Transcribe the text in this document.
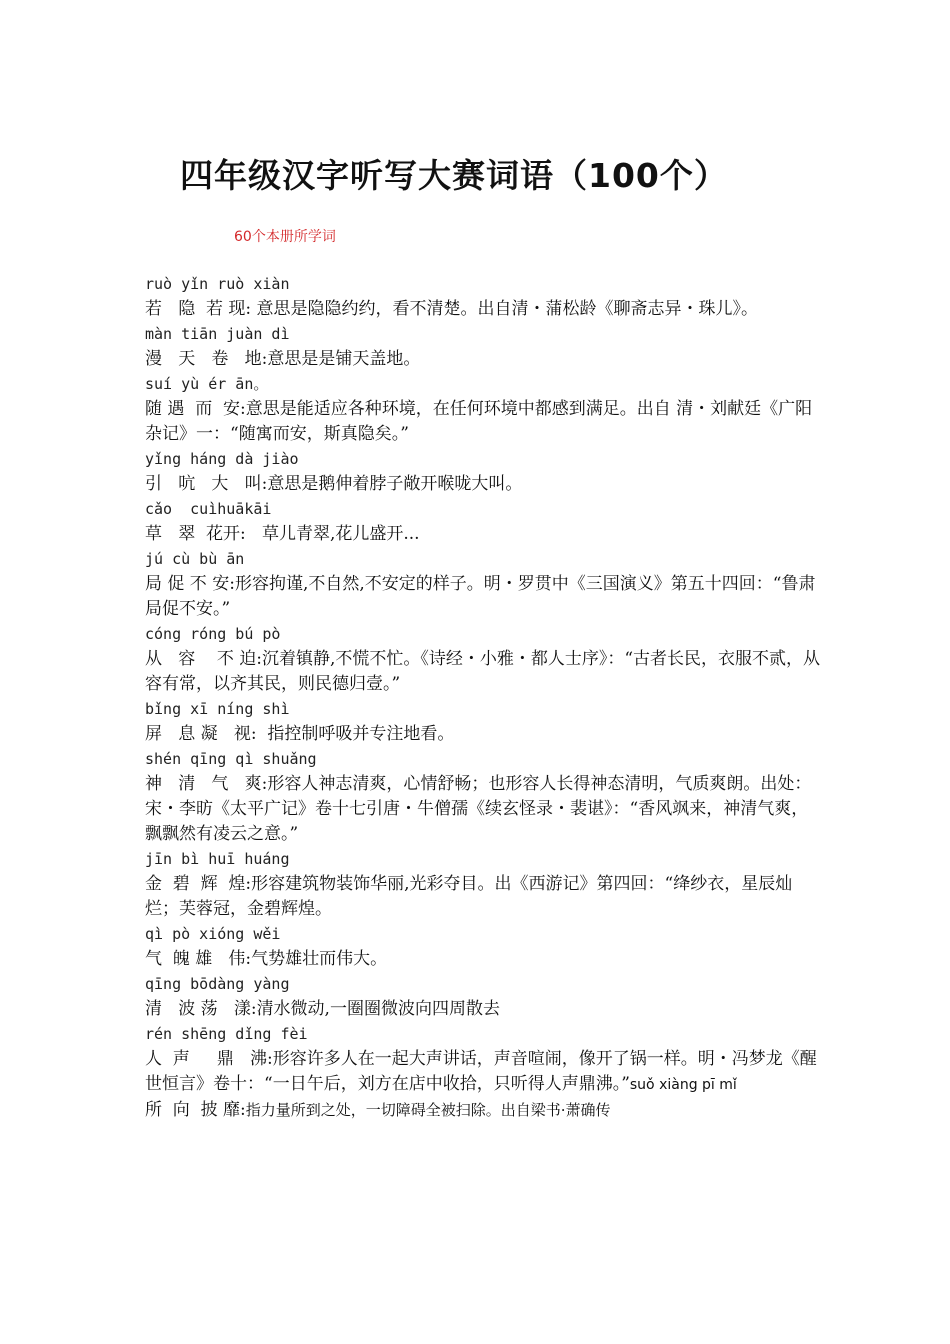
四年级汉字听写大赛词语（100个）
60个本册所学词
ruò yǐn ruò xiàn
若   隐  若 现: 意思是隐隐约约，看不清楚。出自清・蒲松龄《聊斋志异・珠儿》。
màn tiān juàn dì
漫   天   卷   地:意思是是铺天盖地。
suí yù ér ān。
随 遇  而  安:意思是能适应各种环境，在任何环境中都感到满足。出自 清・刘献廷《广阳杂记》一：“随寓而安，斯真隐矣。”
yǐng háng dà jiào
引   吭   大   叫:意思是鹅伸着脖子敞开喉咙大叫。
cǎo  cuìhuākāi
草   翠  花开:   草儿青翠,花儿盛开...
jú cù bù ān
局 促 不 安:形容拘谨,不自然,不安定的样子。明・罗贯中《三国演义》第五十四回：“鲁肃局促不安。”
cóng róng bú pò
从   容    不 迫:沉着镇静,不慌不忙。《诗经・小雅・都人士序》：“古者长民，衣服不贰，从容有常，以齐其民，则民德归壹。”
bǐng xī níng shì
屏   息 凝   视:  指控制呼吸并专注地看。
shén qīng qì shuǎng
神   清   气   爽:形容人神志清爽，心情舒畅；也形容人长得神态清明，气质爽朗。出处：宋・李昉《太平广记》卷十七引唐・牛僧孺《续玄怪录・裴谌》：“香风飒来，神清气爽，飘飘然有凌云之意。”
jīn bì huī huáng
金  碧  辉  煌:形容建筑物装饰华丽,光彩夺目。出《西游记》第四回：“绛纱衣，星辰灿烂；芙蓉冠，金碧辉煌。
qì pò xióng wěi
气  魄 雄   伟:气势雄壮而伟大。
qīng bōdàng yàng
清   波 荡   漾:清水微动,一圈圈微波向四周散去
rén shēng dǐng fèi
人  声     鼎   沸:形容许多人在一起大声讲话，声音喧闹，像开了锅一样。明・冯梦龙《醒世恒言》卷十：“一日午后，刘方在店中收拾，只听得人声鼎沸。”suǒ xiàng pī mǐ
所  向  披 靡:指力量所到之处，一切障碍全被扫除。出自梁书·萧确传
